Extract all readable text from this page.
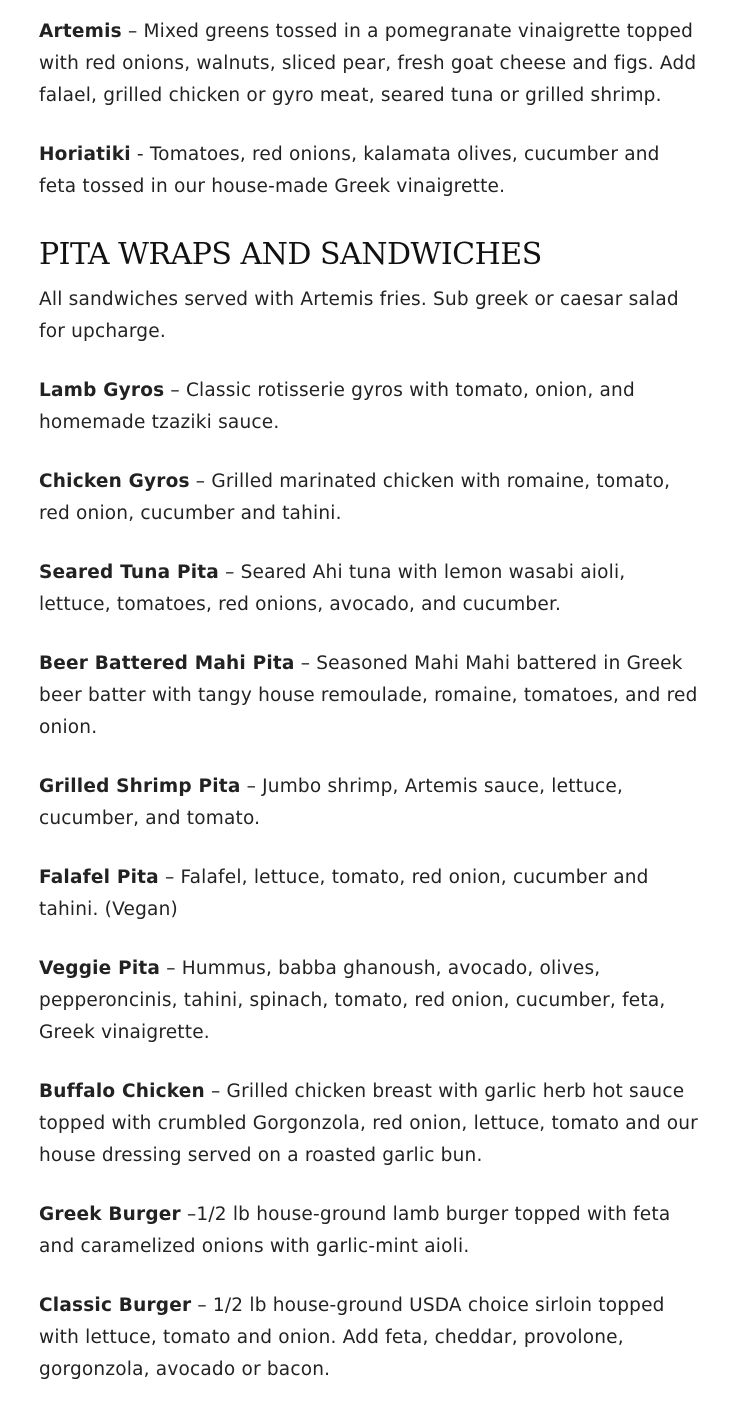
Artemis – Mixed greens tossed in a pomegranate vinaigrette topped with red onions, walnuts, sliced pear, fresh goat cheese and figs. Add falael, grilled chicken or gyro meat, seared tuna or grilled shrimp.

Horiatiki - Tomatoes, red onions, kalamata olives, cucumber and feta tossed in our house-made Greek vinaigrette.

PITA WRAPS AND SANDWICHES

All sandwiches served with Artemis fries. Sub greek or caesar salad for upcharge.

Lamb Gyros – Classic rotisserie gyros with tomato, onion, and homemade tzaziki sauce.

Chicken Gyros – Grilled marinated chicken with romaine, tomato, red onion, cucumber and tahini.

Seared Tuna Pita – Seared Ahi tuna with lemon wasabi aioli, lettuce, tomatoes, red onions, avocado, and cucumber.

Beer Battered Mahi Pita – Seasoned Mahi Mahi battered in Greek beer batter with tangy house remoulade, romaine, tomatoes, and red onion.

Grilled Shrimp Pita – Jumbo shrimp, Artemis sauce, lettuce, cucumber, and tomato.

Falafel Pita – Falafel, lettuce, tomato, red onion, cucumber and tahini. (Vegan)

Veggie Pita – Hummus, babba ghanoush, avocado, olives, pepperoncinis, tahini, spinach, tomato, red onion, cucumber, feta, Greek vinaigrette.

Buffalo Chicken – Grilled chicken breast with garlic herb hot sauce topped with crumbled Gorgonzola, red onion, lettuce, tomato and our house dressing served on a roasted garlic bun.

Greek Burger –1/2 lb house-ground lamb burger topped with feta and caramelized onions with garlic-mint aioli.

Classic Burger – 1/2 lb house-ground USDA choice sirloin topped with lettuce, tomato and onion. Add feta, cheddar, provolone, gorgonzola, avocado or bacon.
